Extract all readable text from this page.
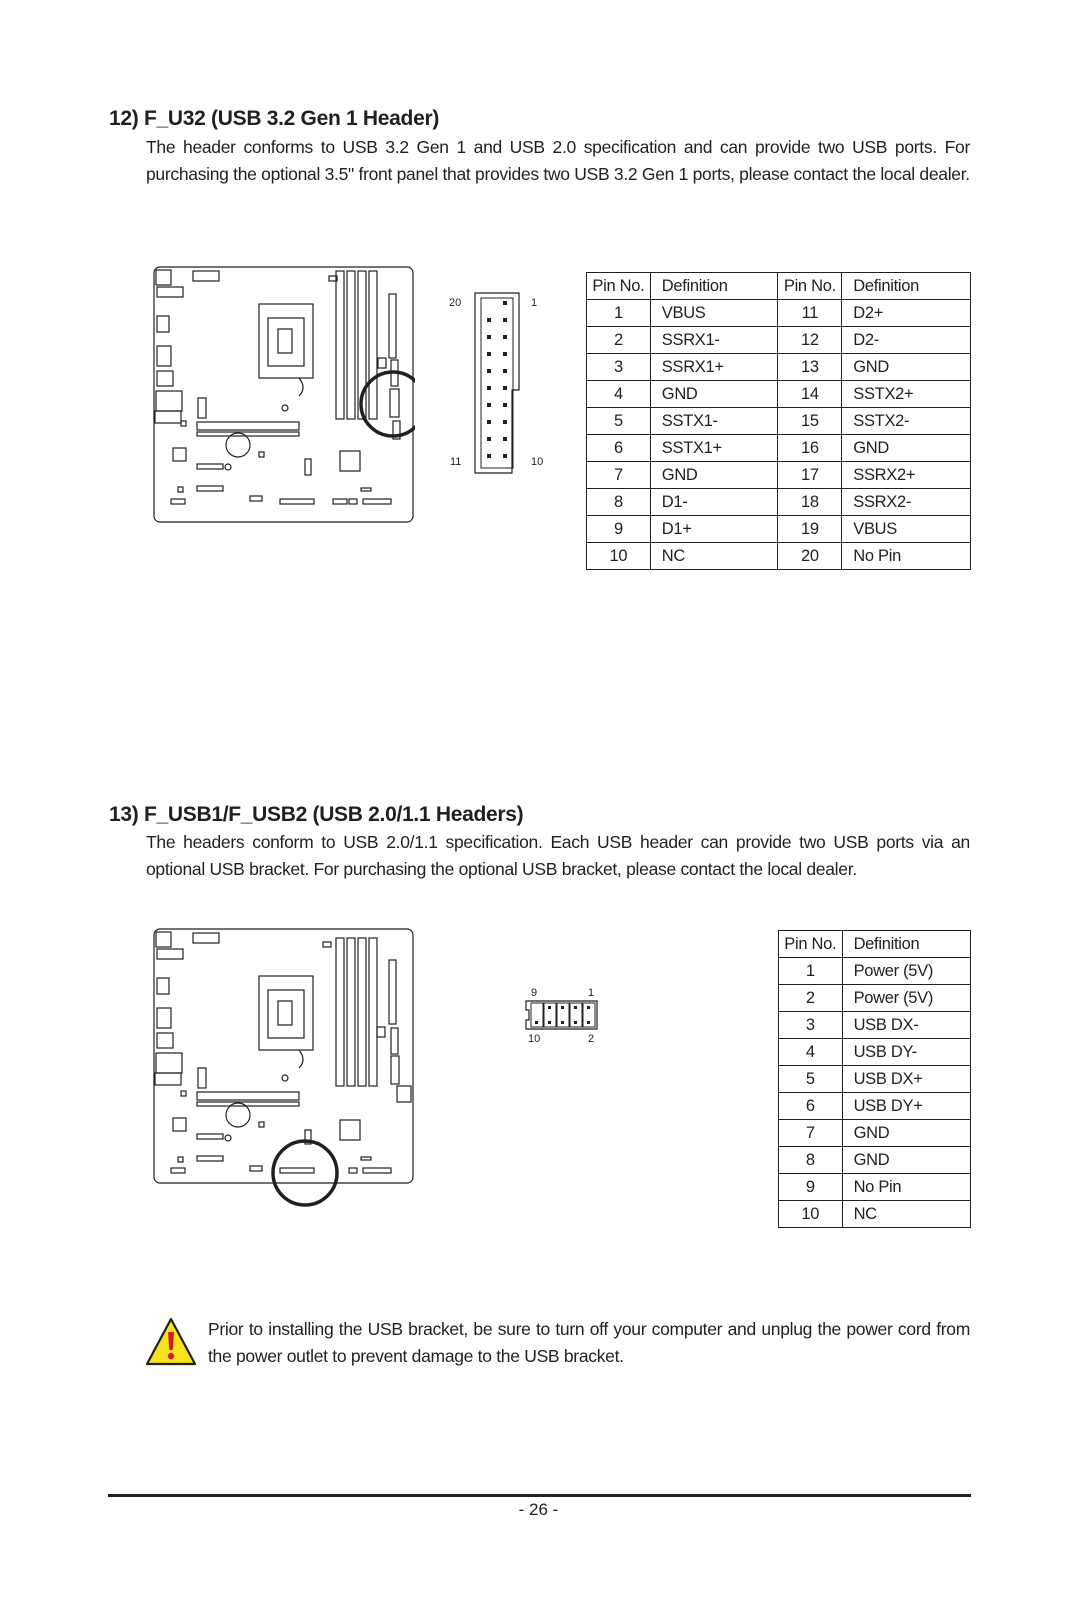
12) F_U32 (USB 3.2 Gen 1 Header)

The header conforms to USB 3.2 Gen 1 and USB 2.0 specification and can provide two USB ports. For purchasing the optional 3.5" front panel that provides two USB 3.2 Gen 1 ports, please contact the local dealer.

20	1
11	10
Pin No.	Definition	Pin No.	Definition
1	VBUS	11	D2+
2	SSRX1-	12	D2-
3	SSRX1+	13	GND
4	GND	14	SSTX2+
5	SSTX1-	15	SSTX2-
6	SSTX1+	16	GND
7	GND	17	SSRX2+
8	D1-	18	SSRX2-
9	D1+	19	VBUS
10	NC	20	No Pin
13) F_USB1/F_USB2 (USB 2.0/1.1 Headers)

The headers conform to USB 2.0/1.1 specification. Each USB header can provide two USB ports via an optional USB bracket. For purchasing the optional USB bracket, please contact the local dealer.

9	1
10	2
Pin No.	Definition
1	Power (5V)
2	Power (5V)
3	USB DX-
4	USB DY-
5	USB DX+
6	USB DY+
7	GND
8	GND
9	No Pin
10	NC

Prior to installing the USB bracket, be sure to turn off your computer and unplug the power cord from the power outlet to prevent damage to the USB bracket.

- 26 -
